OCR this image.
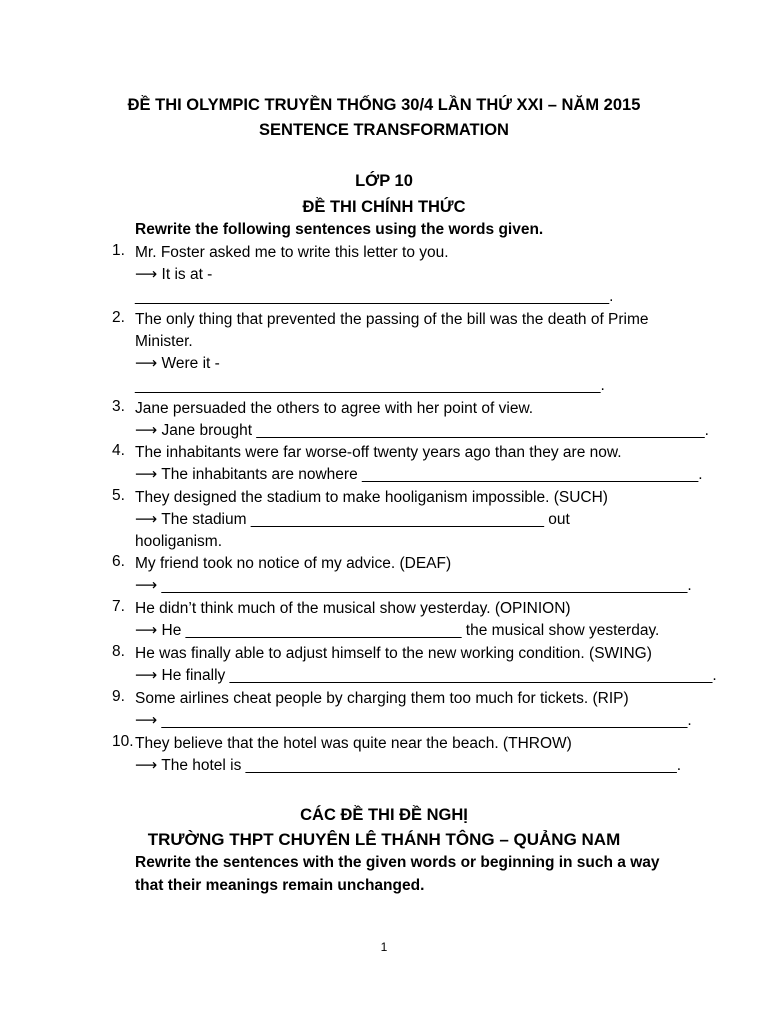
ĐỀ THI OLYMPIC TRUYỀN THỐNG 30/4 LẦN THỨ XXI – NĂM 2015
SENTENCE TRANSFORMATION
LỚP 10
ĐỀ THI CHÍNH THỨC
Rewrite the following sentences using the words given.
1. Mr. Foster asked me to write this letter to you.
⟶ It is at -
_______________________________________________________.
2. The only thing that prevented the passing of the bill was the death of Prime
Minister.
⟶ Were it -
______________________________________________________.
3. Jane persuaded the others to agree with her point of view.
⟶ Jane brought ____________________________________________________.
4. The inhabitants were far worse-off twenty years ago than they are now.
⟶ The inhabitants are nowhere _______________________________________.
5. They designed the stadium to make hooliganism impossible. (SUCH)
⟶ The stadium __________________________________ out
hooliganism.
6. My friend took no notice of my advice. (DEAF)
⟶ _____________________________________________________________.
7. He didn’t think much of the musical show yesterday. (OPINION)
⟶ He ________________________________ the musical show yesterday.
8. He was finally able to adjust himself to the new working condition. (SWING)
⟶ He finally ________________________________________________________.
9. Some airlines cheat people by charging them too much for tickets. (RIP)
⟶ _____________________________________________________________.
10. They believe that the hotel was quite near the beach. (THROW)
⟶ The hotel is __________________________________________________.
CÁC ĐỀ THI ĐỀ NGHỊ
TRƯỜNG THPT CHUYÊN LÊ THÁNH TÔNG – QUẢNG NAM
Rewrite the sentences with the given words or beginning in such a way
that their meanings remain unchanged.
1
